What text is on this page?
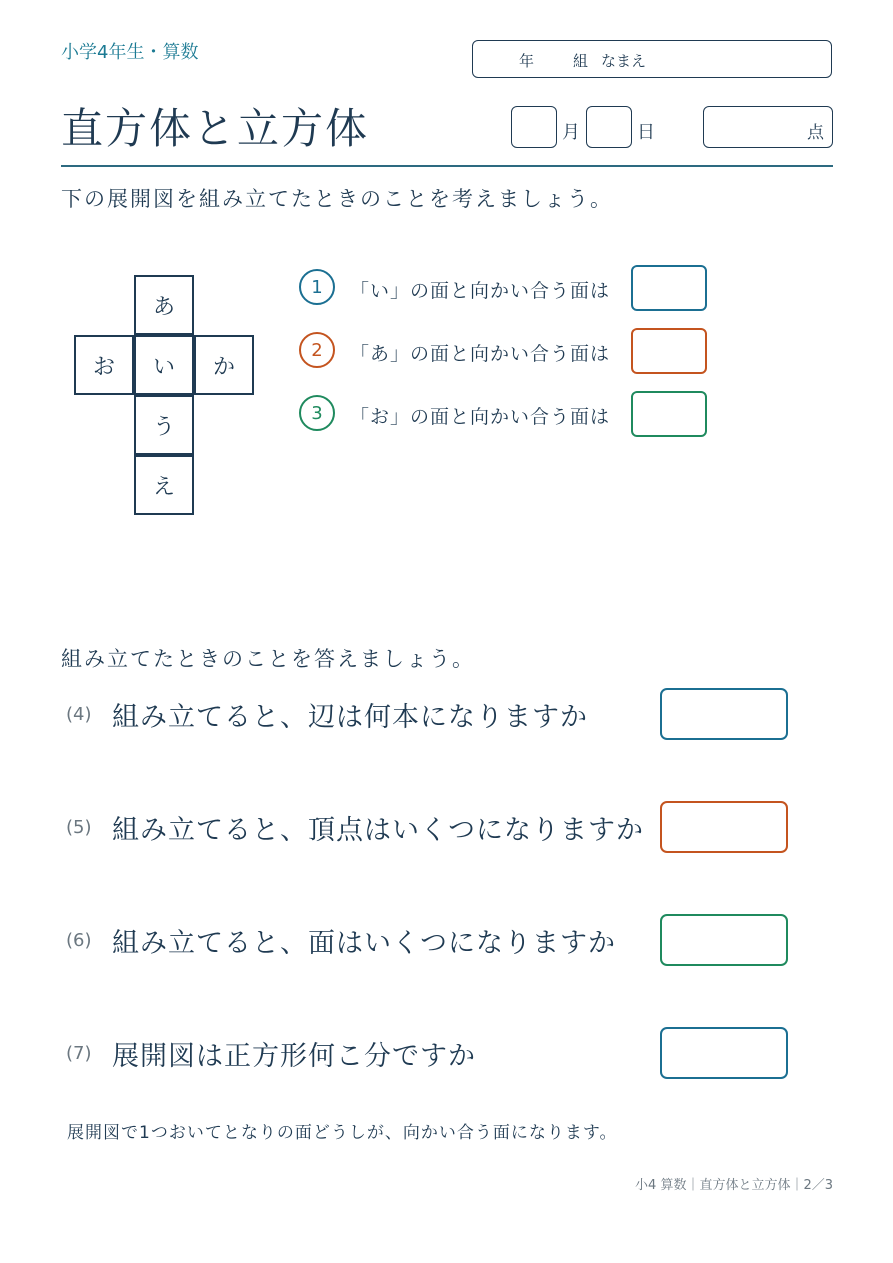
小学4年生・算数	年	組 なまえ
直方体と立方体	月	日	点
下の展開図を組み立てたときのことを考えましょう。
あ
お	い	か
う
え
1	「い」の面と向かい合う面は
2	「あ」の面と向かい合う面は
3	「お」の面と向かい合う面は
組み立てたときのことを答えましょう。
(4) 組み立てると、辺は何本になりますか
(5) 組み立てると、頂点はいくつになりますか
(6) 組み立てると、面はいくつになりますか
(7) 展開図は正方形何こ分ですか
展開図で1つおいてとなりの面どうしが、向かい合う面になります。
小4 算数｜直方体と立方体｜2／3
